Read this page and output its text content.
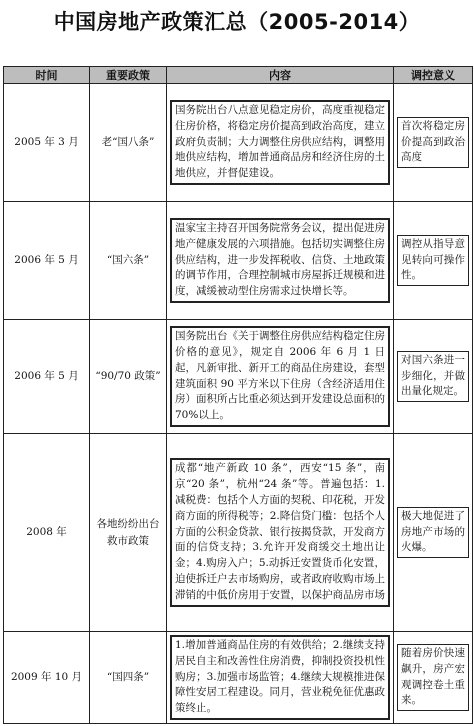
中国房地产政策汇总（2005-2014）
时间	重要政策	内容	调控意义
2005 年 3 月	老“国八条”	国务院出台八点意见稳定房价，高度重视稳定住房价格，将稳定房价提高到政治高度，建立政府负责制；大力调整住房供应结构，调整用地供应结构，增加普通商品房和经济住房的土地供应，并督促建设。	首次将稳定房价提高到政治高度

2006 年 5 月	“国六条”	温家宝主持召开国务院常务会议，提出促进房地产健康发展的六项措施。包括切实调整住房供应结构，进一步发挥税收、信贷、土地政策的调节作用，合理控制城市房屋拆迁规模和进度，减缓被动型住房需求过快增长等。	调控从指导意见转向可操作性。

2006 年 5 月	“90/70 政策”	国务院出台《关于调整住房供应结构稳定住房价格的意见》，规定自 2006 年 6 月 1 日起，凡新审批、新开工的商品住房建设，套型建筑面积 90 平方米以下住房（含经济适用住房）面积所占比重必须达到开发建设总面积的 70%以上。	对国六条进一步细化，并做出量化规定。

2008 年	各地纷纷出台救市政策	成都“地产新政 10 条”，西安“15 条”，南京“20 条”，杭州“24 条”等。普遍包括：1.减税费：包括个人方面的契税、印花税，开发商方面的所得税等；2.降信贷门槛：包括个人方面的公积金贷款、银行按揭贷款，开发商方面的信贷支持；3.允许开发商缓交土地出让金；4.购房入户；5.动拆迁安置货币化安置，迫使拆迁户去市场购房，或者政府收购市场上滞销的中低价房用于安置，以保护商品房市场	极大地促进了房地产市场的火爆。

2009 年 10 月	“国四条”	1.增加普通商品住房的有效供给；2.继续支持居民自主和改善性住房消费，抑制投资投机性购房；3.加强市场监管；4.继续大规模推进保障性安居工程建设。同月，营业税免征优惠政策终止。	随着房价快速飙升，房产宏观调控卷土重来。
